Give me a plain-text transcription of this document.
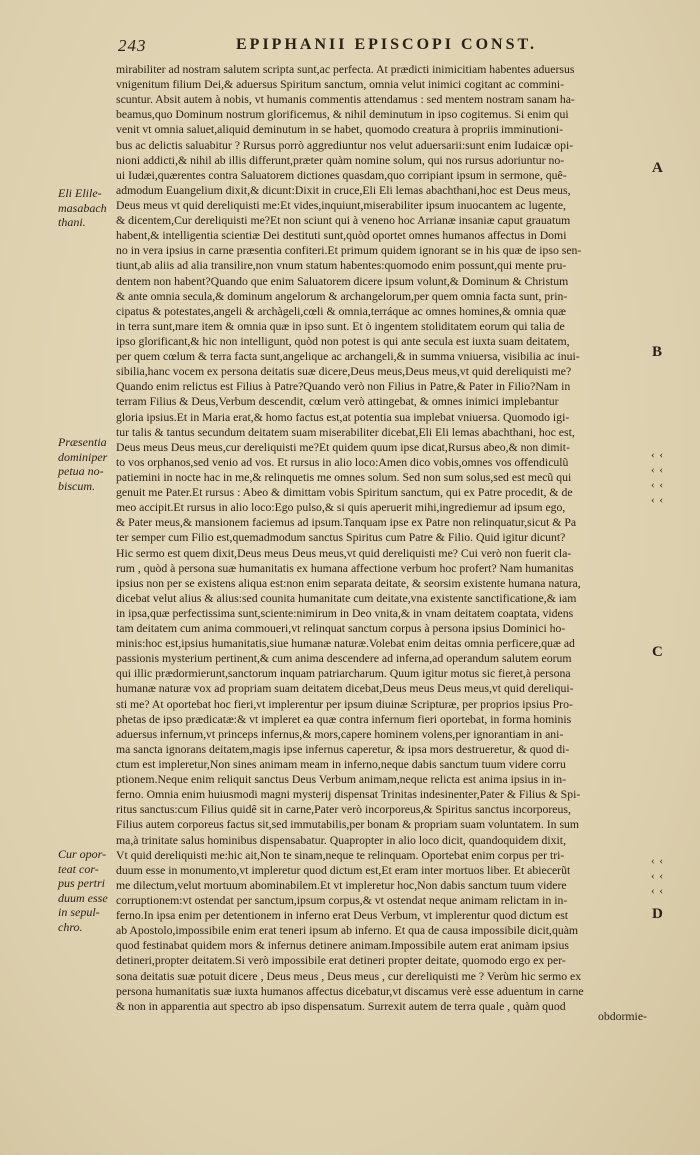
243	EPIPHANII EPISCOPI CONST.
mirabiliter ad nostram salutem scripta sunt,ac perfecta. At prædicti inimicitiam habentes aduersus
vnigenitum filium Dei,& aduersus Spiritum sanctum, omnia velut inimici cogitant ac commini-
scuntur. Absit autem à nobis, vt humanis commentis attendamus : sed mentem nostram sanam ha-
beamus,quo Dominum nostrum glorificemus, & nihil deminutum in ipso cogitemus. Si enim qui
venit vt omnia saluet,aliquid deminutum in se habet, quomodo creatura à propriis imminutioni-
bus ac delictis saluabitur ? Rursus porrò aggrediuntur nos velut aduersarii:sunt enim Iudaicæ opi-
nioni addicti,& nihil ab illis differunt,præter quàm nomine solum, qui nos rursus adoriuntur no-
ui Iudæi,quærentes contra Saluatorem dictiones quasdam,quo corripiant ipsum in sermone, quê-
admodum Euangelium dixit,& dicunt:Dixit in cruce,Eli Eli lemas abachthani,hoc est Deus meus,
Deus meus vt quid dereliquisti me:Et vides,inquiunt,miserabiliter ipsum inuocantem ac lugente,
& dicentem,Cur dereliquisti me?Et non sciunt qui à veneno hoc Arrianæ insaniæ caput grauatum
habent,& intelligentia scientiæ Dei destituti sunt,quòd oportet omnes humanos affectus in Domi
no in vera ipsius in carne præsentia confiteri.Et primum quidem ignorant se in his quæ de ipso sen-
tiunt,ab aliis ad alia transilire,non vnum statum habentes:quomodo enim possunt,qui mente pru-
dentem non habent?Quando que enim Saluatorem dicere ipsum volunt,& Dominum & Christum
& ante omnia secula,& dominum angelorum & archangelorum,per quem omnia facta sunt, prin-
cipatus & potestates,angeli & archàgeli,cœli & omnia,terráque ac omnes homines,& omnia quæ
in terra sunt,mare item & omnia quæ in ipso sunt. Et ò ingentem stoliditatem eorum qui talia de
ipso glorificant,& hic non intelligunt, quòd non potest is qui ante secula est iuxta suam deitatem,
per quem cœlum & terra facta sunt,angelique ac archangeli,& in summa vniuersa, visibilia ac inui-
sibilia,hanc vocem ex persona deitatis suæ dicere,Deus meus,Deus meus,vt quid dereliquisti me?
Quando enim relictus est Filius à Patre?Quando verò non Filius in Patre,& Pater in Filio?Nam in
terram Filius & Deus,Verbum descendit, cœlum verò attingebat, & omnes inimici implebantur
gloria ipsius.Et in Maria erat,& homo factus est,at potentia sua implebat vniuersa. Quomodo igi-
tur talis & tantus secundum deitatem suam miserabiliter dicebat,Eli Eli lemas abachthani, hoc est,
Deus meus Deus meus,cur dereliquisti me?Et quidem quum ipse dicat,Rursus abeo,& non dimit-
to vos orphanos,sed venio ad vos. Et rursus in alio loco:Amen dico vobis,omnes vos offendiculũ
patiemini in nocte hac in me,& relinquetis me omnes solum. Sed non sum solus,sed est mecũ qui
genuit me Pater.Et rursus : Abeo & dimittam vobis Spiritum sanctum, qui ex Patre procedit, & de
meo accipit.Et rursus in alio loco:Ego pulso,& si quis aperuerit mihi,ingrediemur ad ipsum ego,
& Pater meus,& mansionem faciemus ad ipsum.Tanquam ipse ex Patre non relinquatur,sicut & Pa
ter semper cum Filio est,quemadmodum sanctus Spiritus cum Patre & Filio. Quid igitur dicunt?
Hic sermo est quem dixit,Deus meus Deus meus,vt quid dereliquisti me? Cui verò non fuerit cla-
rum , quòd à persona suæ humanitatis ex humana affectione verbum hoc profert? Nam humanitas
ipsius non per se existens aliqua est:non enim separata deitate, & seorsim existente humana natura,
dicebat velut alius & alius:sed counita humanitate cum deitate,vna existente sanctificatione,& iam
in ipsa,quæ perfectissima sunt,sciente:nimirum in Deo vnita,& in vnam deitatem coaptata, videns
tam deitatem cum anima commoueri,vt relinquat sanctum corpus à persona ipsius Dominici ho-
minis:hoc est,ipsius humanitatis,siue humanæ naturæ.Volebat enim deitas omnia perficere,quæ ad
passionis mysterium pertinent,& cum anima descendere ad inferna,ad operandum salutem eorum
qui illic prædormierunt,sanctorum inquam patriarcharum. Quum igitur motus sic fieret,à persona
humanæ naturæ vox ad propriam suam deitatem dicebat,Deus meus Deus meus,vt quid dereliqui-
sti me? At oportebat hoc fieri,vt implerentur per ipsum diuinæ Scripturæ, per proprios ipsius Pro-
phetas de ipso prædicatæ:& vt impleret ea quæ contra infernum fieri oportebat, in forma hominis
aduersus infernum,vt princeps infernus,& mors,capere hominem volens,per ignorantiam in ani-
ma sancta ignorans deitatem,magis ipse infernus caperetur, & ipsa mors destrueretur, & quod di-
ctum est impleretur,Non sines animam meam in inferno,neque dabis sanctum tuum videre corru
ptionem.Neque enim reliquit sanctus Deus Verbum animam,neque relicta est anima ipsius in in-
ferno. Omnia enim huiusmodi magni mysterij dispensat Trinitas indesinenter,Pater & Filius & Spi-
ritus sanctus:cum Filius quidê sit in carne,Pater verò incorporeus,& Spiritus sanctus incorporeus,
Filius autem corporeus factus sit,sed immutabilis,per bonam & propriam suam voluntatem. In sum
ma,à trinitate salus hominibus dispensabatur. Quapropter in alio loco dicit, quandoquidem dixit,
Vt quid dereliquisti me:hic ait,Non te sinam,neque te relinquam. Oportebat enim corpus per tri-
duum esse in monumento,vt impleretur quod dictum est,Et eram inter mortuos liber. Et abiecerũt
me dilectum,velut mortuum abominabilem.Et vt impleretur hoc,Non dabis sanctum tuum videre
corruptionem:vt ostendat per sanctum,ipsum corpus,& vt ostendat neque animam relictam in in-
ferno.In ipsa enim per detentionem in inferno erat Deus Verbum, vt implerentur quod dictum est
ab Apostolo,impossibile enim erat teneri ipsum ab inferno. Et qua de causa impossibile dicit,quàm
quod festinabat quidem mors & infernus detinere animam.Impossibile autem erat animam ipsius
detineri,propter deitatem.Si verò impossibile erat detineri propter deitate, quomodo ergo ex per-
sona deitatis suæ potuit dicere , Deus meus , Deus meus , cur dereliquisti me ? Verùm hic sermo ex
persona humanitatis suæ iuxta humanos affectus dicebatur,vt discamus verè esse aduentum in carne
& non in apparentia aut spectro ab ipso dispensatum. Surrexit autem de terra quale , quàm quod
Eli Elile-
masabach
thani.
Præsentia
dominiper
petua no-
biscum.
Cur opor-
teat cor-
pus pertri
duum esse
in sepul-
chro.
A
B
C
D
‹ ‹
‹ ‹
‹ ‹
‹ ‹
‹ ‹
‹ ‹
‹ ‹
obdormie-
